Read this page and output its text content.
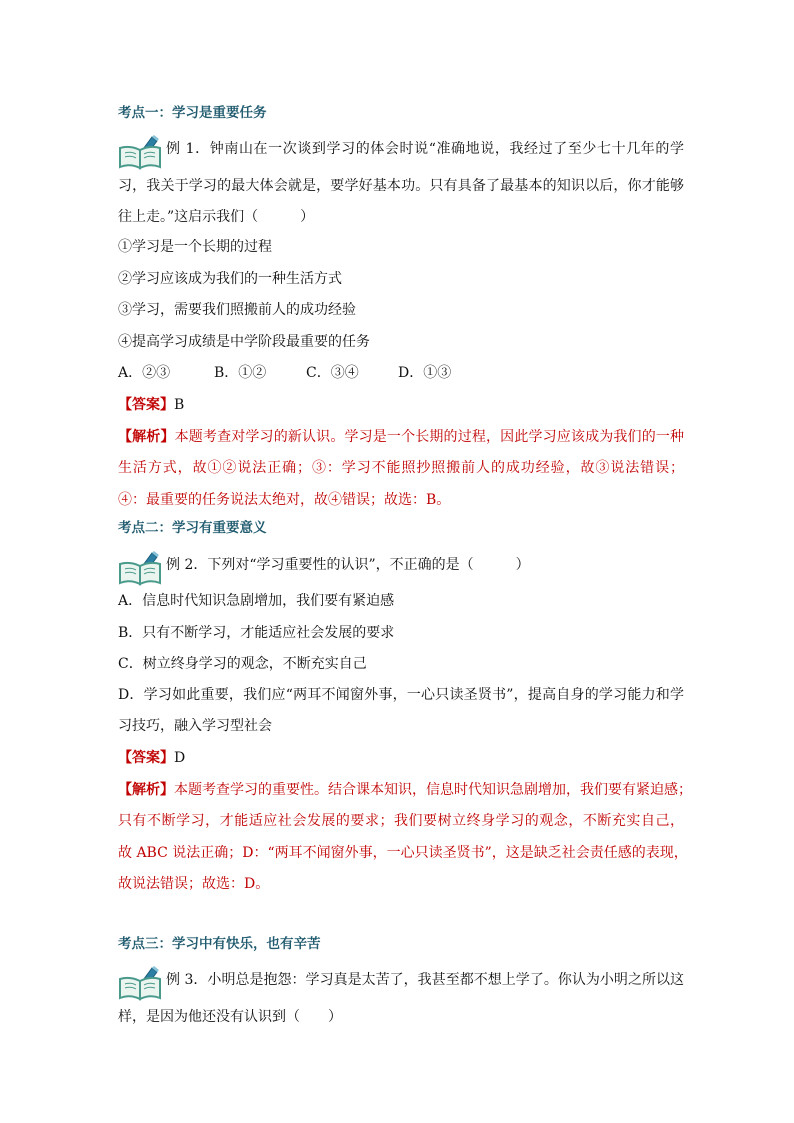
考点一：学习是重要任务
例 1．钟南山在一次谈到学习的体会时说“准确地说，我经过了至少七十几年的学
习，我关于学习的最大体会就是，要学好基本功。只有具备了最基本的知识以后，你才能够
往上走。”这启示我们（　　　）
①学习是一个长期的过程
②学习应该成为我们的一种生活方式
③学习，需要我们照搬前人的成功经验
④提高学习成绩是中学阶段最重要的任务
A．②③	B．①②	C．③④	D．①③
【答案】B
【解析】本题考查对学习的新认识。学习是一个长期的过程，因此学习应该成为我们的一种
生活方式，故①②说法正确；③：学习不能照抄照搬前人的成功经验，故③说法错误；
④：最重要的任务说法太绝对，故④错误；故选：B。
考点二：学习有重要意义
例 2．下列对“学习重要性的认识”，不正确的是（　　　）
A．信息时代知识急剧增加，我们要有紧迫感
B．只有不断学习，才能适应社会发展的要求
C．树立终身学习的观念，不断充实自己
D．学习如此重要，我们应“两耳不闻窗外事，一心只读圣贤书”，提高自身的学习能力和学
习技巧，融入学习型社会
【答案】D
【解析】本题考查学习的重要性。结合课本知识，信息时代知识急剧增加，我们要有紧迫感；
只有不断学习，才能适应社会发展的要求；我们要树立终身学习的观念，不断充实自己，
故 ABC 说法正确；D：“两耳不闻窗外事，一心只读圣贤书”，这是缺乏社会责任感的表现，
故说法错误；故选：D。
考点三：学习中有快乐，也有辛苦
例 3．小明总是抱怨：学习真是太苦了，我甚至都不想上学了。你认为小明之所以这
样，是因为他还没有认识到（　　）
